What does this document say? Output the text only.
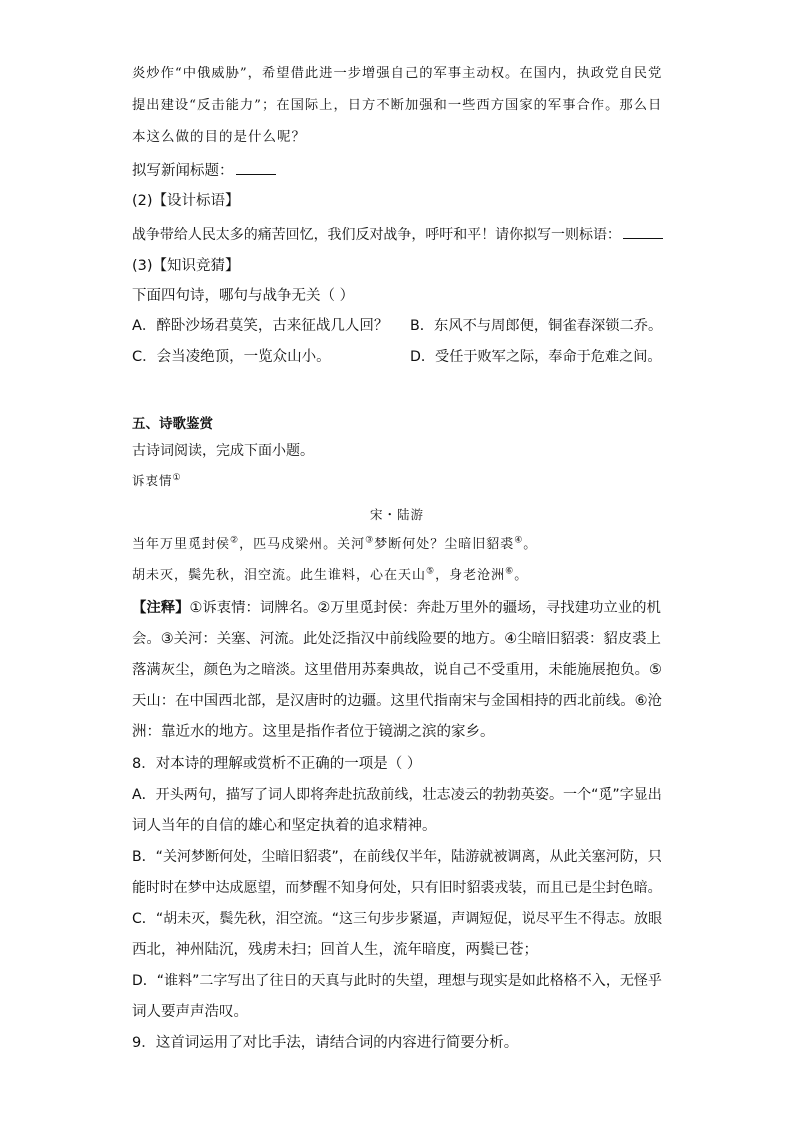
炎炒作“中俄威胁”，希望借此进一步增强自己的军事主动权。在国内，执政党自民党
提出建设“反击能力”；在国际上，日方不断加强和一些西方国家的军事合作。那么日
本这么做的目的是什么呢？
拟写新闻标题：
(2)【设计标语】
战争带给人民太多的痛苦回忆，我们反对战争，呼吁和平！请你拟写一则标语：
(3)【知识竞猜】
下面四句诗，哪句与战争无关（ ）
A．醉卧沙场君莫笑，古来征战几人回？ B．东风不与周郎便，铜雀春深锁二乔。
C．会当凌绝顶，一览众山小。	D．受任于败军之际，奉命于危难之间。
五、诗歌鉴赏
古诗词阅读，完成下面小题。
诉衷情①
宋・陆游
当年万里觅封侯②，匹马戍梁州。关河③梦断何处？尘暗旧貂裘④。
胡未灭，鬓先秋，泪空流。此生谁料，心在天山⑤，身老沧洲⑥。
【注释】①诉衷情：词牌名。②万里觅封侯：奔赴万里外的疆场，寻找建功立业的机
会。③关河：关塞、河流。此处泛指汉中前线险要的地方。④尘暗旧貂裘：貂皮裘上
落满灰尘，颜色为之暗淡。这里借用苏秦典故，说自己不受重用，未能施展抱负。⑤
天山：在中国西北部，是汉唐时的边疆。这里代指南宋与金国相持的西北前线。⑥沧
洲：靠近水的地方。这里是指作者位于镜湖之滨的家乡。
8．对本诗的理解或赏析不正确的一项是（ ）
A．开头两句，描写了词人即将奔赴抗敌前线，壮志凌云的勃勃英姿。一个“觅”字显出
词人当年的自信的雄心和坚定执着的追求精神。
B．“关河梦断何处，尘暗旧貂裘”，在前线仅半年，陆游就被调离，从此关塞河防，只
能时时在梦中达成愿望，而梦醒不知身何处，只有旧时貂裘戎装，而且已是尘封色暗。
C．“胡未灭，鬓先秋，泪空流。“这三句步步紧逼，声调短促，说尽平生不得志。放眼
西北，神州陆沉，残虏未扫；回首人生，流年暗度，两鬓已苍；
D．“谁料”二字写出了往日的天真与此时的失望，理想与现实是如此格格不入，无怪乎
词人要声声浩叹。
9．这首词运用了对比手法，请结合词的内容进行简要分析。
